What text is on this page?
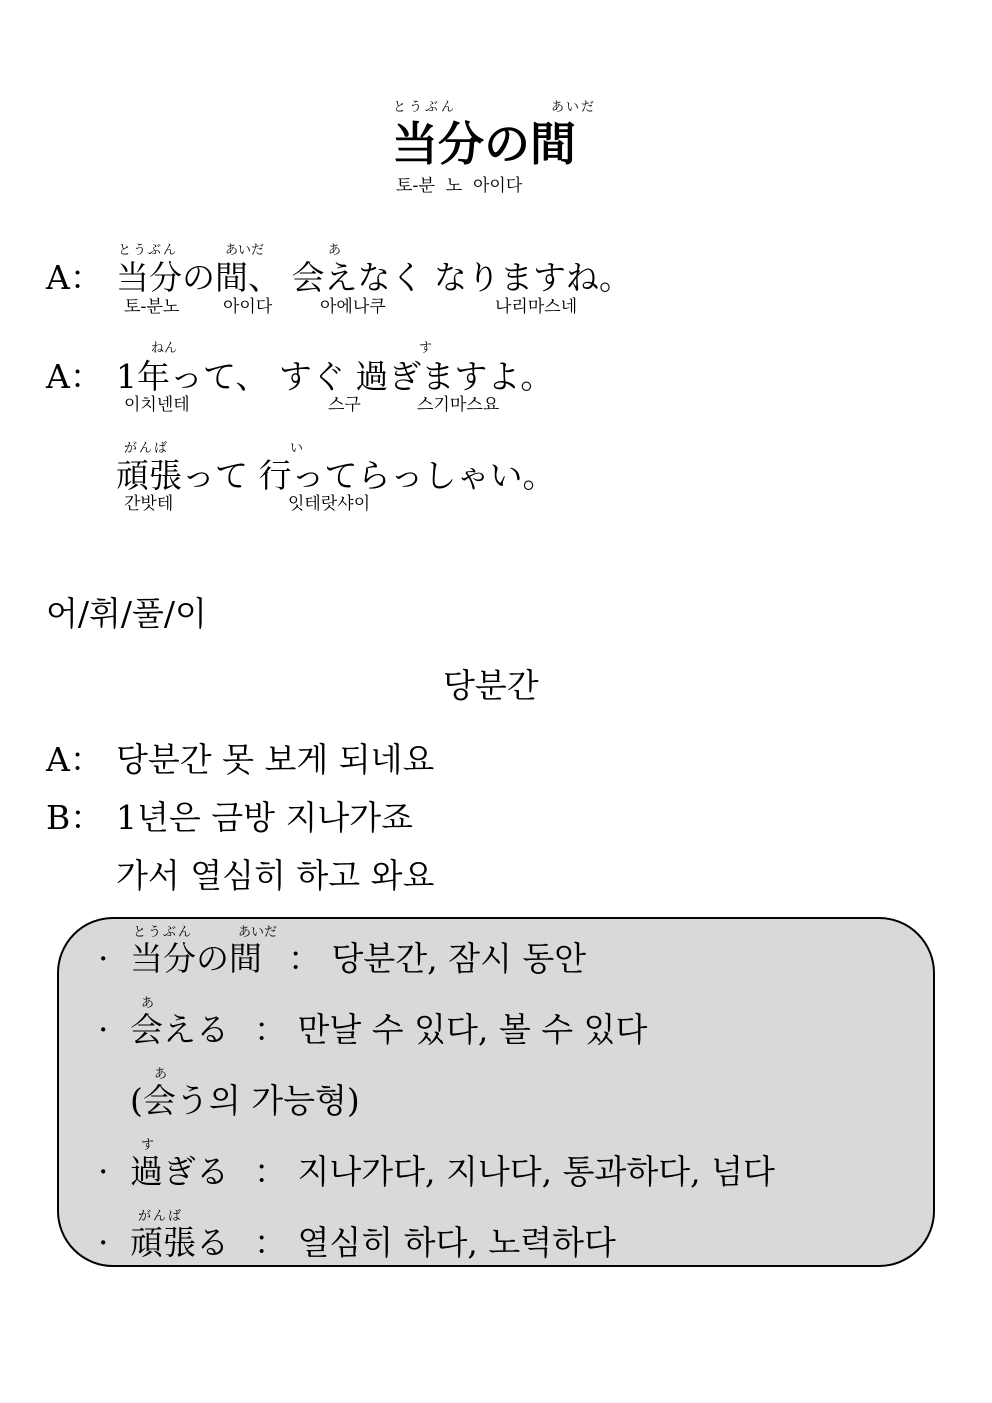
とうぶん	あいだ
当分の間
토-분  노  아이다
とうぶん	あいだ	あ
A： 当分の間、 会えなく なりますね。
토-분노	아이다	아에나쿠	나리마스네
ねん	す
A： 1年って、 すぐ 過ぎますよ。
이치넨테	스구	스기마스요
がんば	い
頑張って 行ってらっしゃい。
간밧테	잇테랏샤이
어/휘/풀/이
당분간
A： 당분간 못 보게 되네요
B： 1년은 금방 지나가죠
가서 열심히 하고 와요
とうぶん	あいだ
· 当分の間 ： 당분간, 잠시 동안
あ
· 会える ： 만날 수 있다, 볼 수 있다
あ
(会う의 가능형)
す
· 過ぎる ： 지나가다, 지나다, 통과하다, 넘다
がんば
· 頑張る ： 열심히 하다, 노력하다
